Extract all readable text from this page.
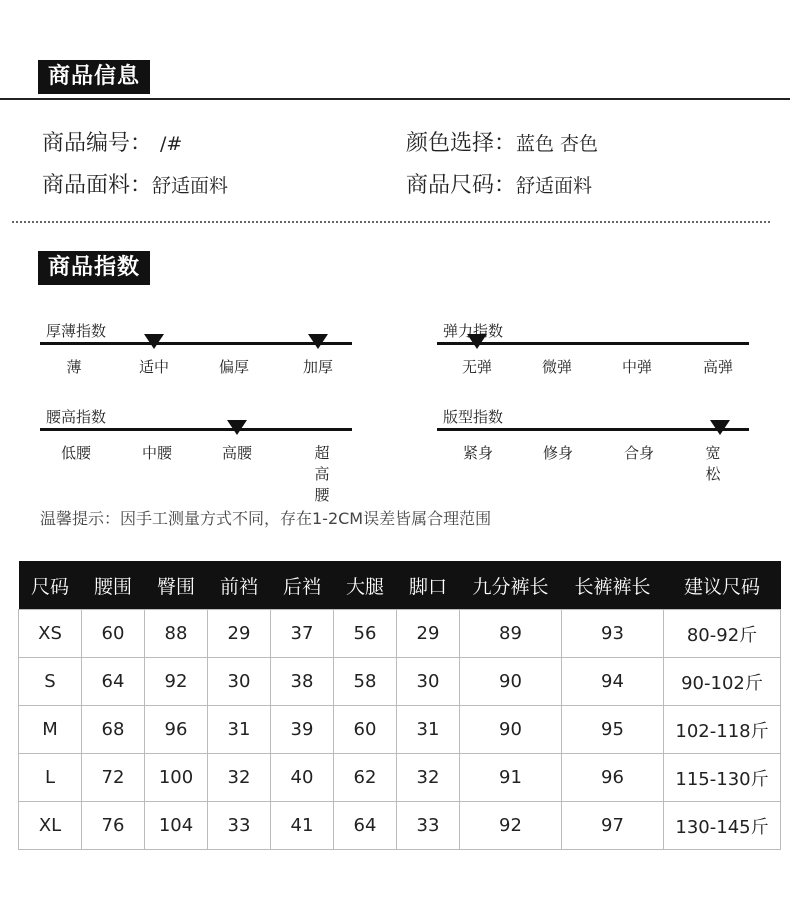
商品信息
商品编号： /#	颜色选择：蓝色 杏色
商品面料：舒适面料	商品尺码：舒适面料
商品指数
厚薄指数
薄	适中	偏厚	加厚
弹力指数
无弹	微弹	中弹	高弹
腰高指数
低腰	中腰	高腰	超高腰
版型指数
紧身	修身	合身	宽松
温馨提示：因手工测量方式不同，存在1-2CM误差皆属合理范围
尺码	腰围	臀围	前裆	后裆	大腿	脚口	九分裤长	长裤裤长	建议尺码
XS	60	88	29	37	56	29	89	93	80-92斤
S	64	92	30	38	58	30	90	94	90-102斤
M	68	96	31	39	60	31	90	95	102-118斤
L	72	100	32	40	62	32	91	96	115-130斤
XL	76	104	33	41	64	33	92	97	130-145斤
